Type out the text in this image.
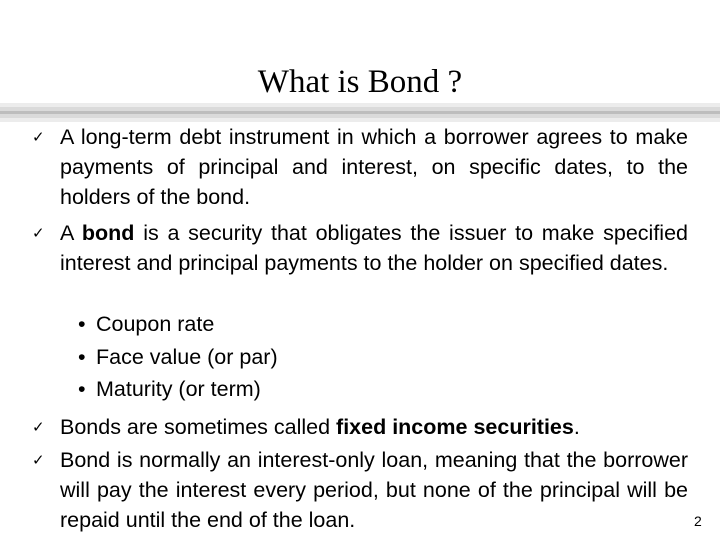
What is Bond ?
✓ A long-term debt instrument in which a borrower agrees to make payments of principal and interest, on specific dates, to the holders of the bond.
✓ A bond is a security that obligates the issuer to make specified interest and principal payments to the holder on specified dates.
• Coupon rate
• Face value (or par)
• Maturity (or term)
✓ Bonds are sometimes called fixed income securities.
✓ Bond is normally an interest-only loan, meaning that the borrower will pay the interest every period, but none of the principal will be repaid until the end of the loan.	2
